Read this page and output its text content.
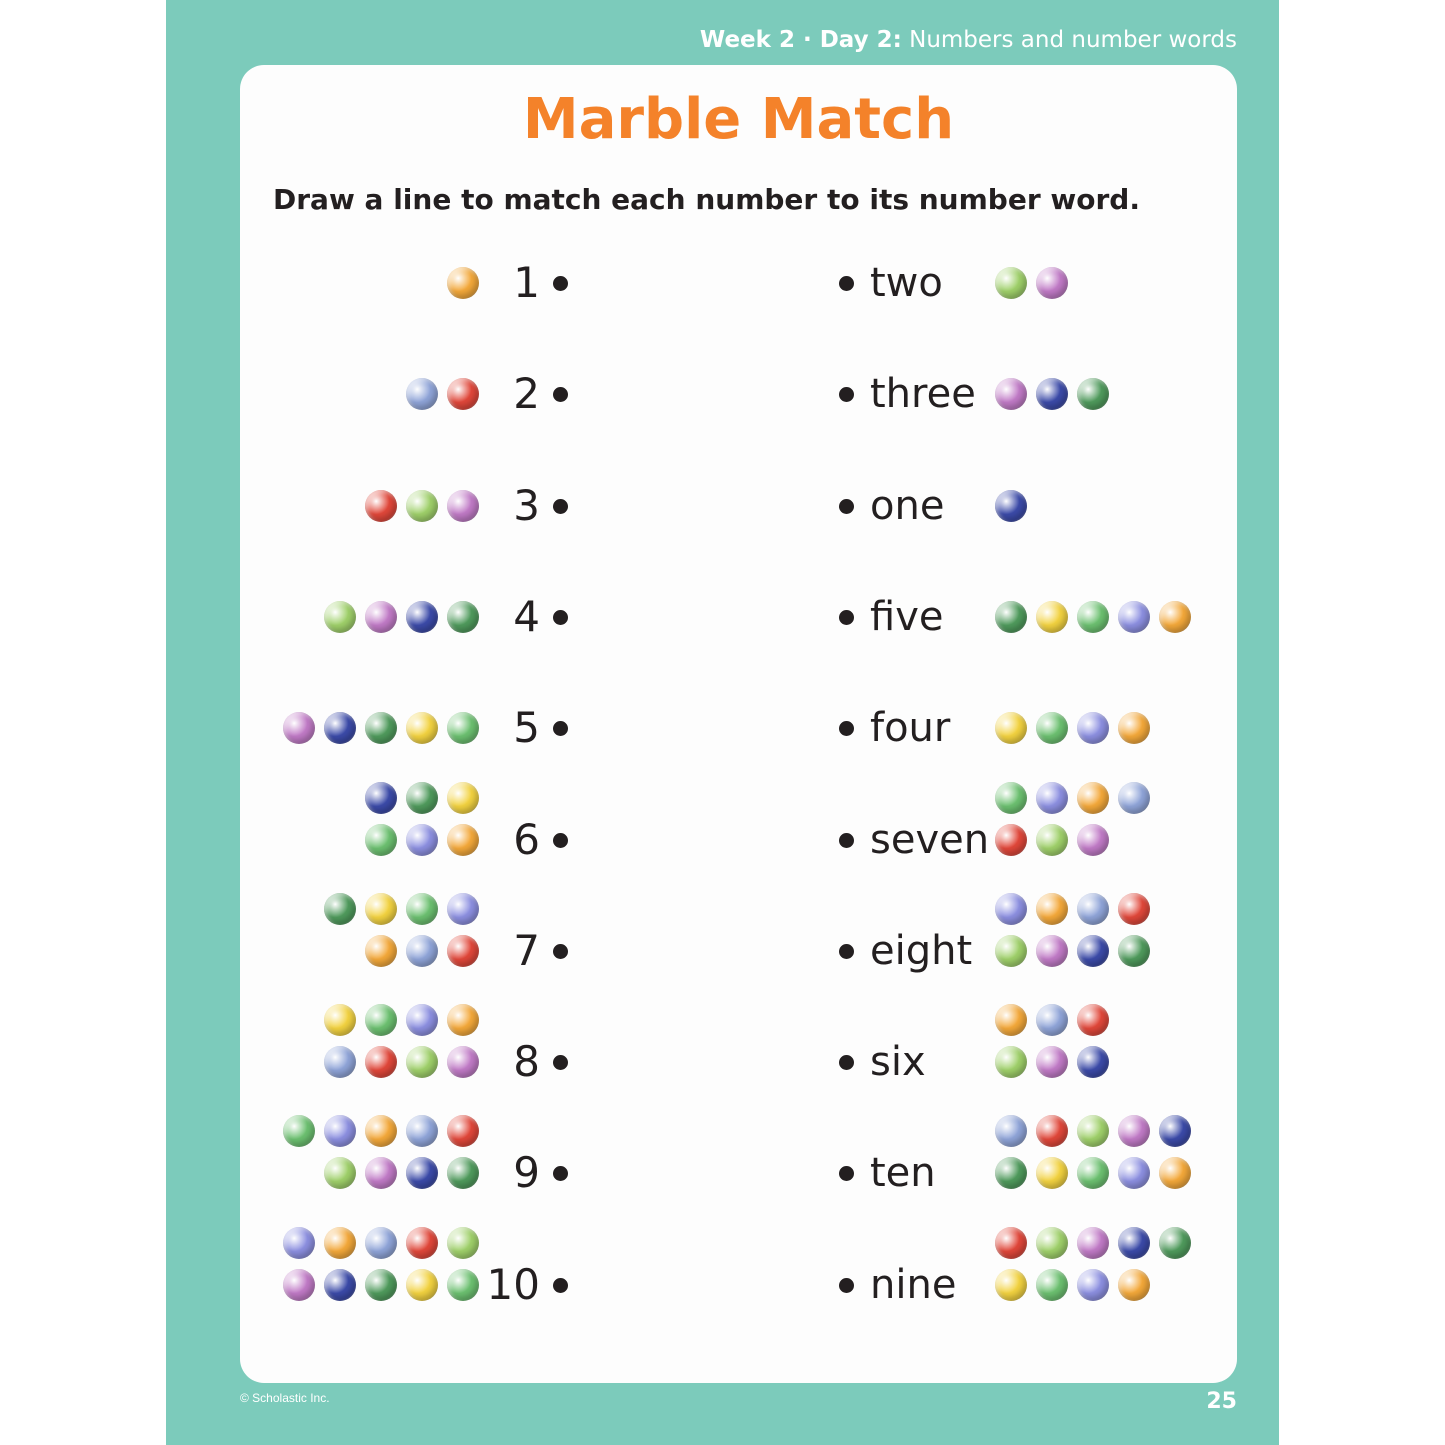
Week 2 · Day 2: Numbers and number words
Marble Match
Draw a line to match each number to its number word.
1	two
2	three
3	one
4	five
5	four
6	seven
7	eight
8	six
9	ten
10	nine
© Scholastic Inc.	25
